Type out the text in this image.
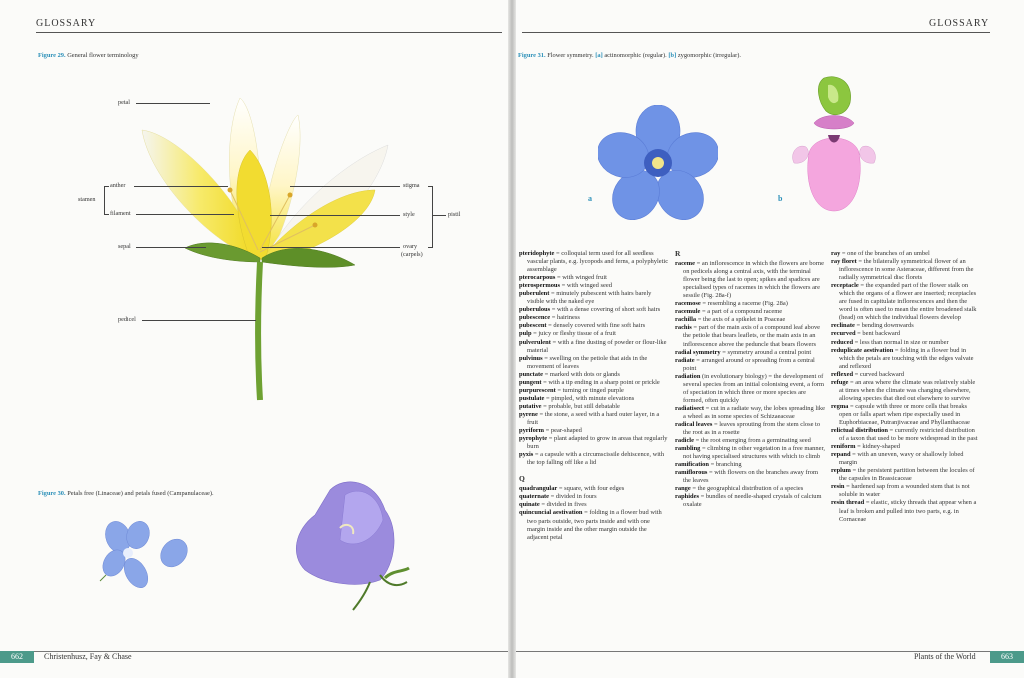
GLOSSARY
Figure 29. General flower terminology
petal
anther
stamen
filament
sepal
pedicel
stigma
style
ovary
(carpels)
pistil
Figure 30. Petals free (Linaceae) and petals fused (Campanulaceae).
662	Christenhusz, Fay & Chase
GLOSSARY
Figure 31. Flower symmetry. [a] actinomorphic (regular). [b] zygomorphic (irregular).
a	b
Plants of the World	663

pteridophyte = colloquial term used for all seedless vascular plants, e.g. lycopods and ferns, a polyphyletic assemblage

pterocarpous = with winged fruit

pterospermous = with winged seed

puberulent = minutely pubescent with hairs barely visible with the naked eye

puberulous = with a dense covering of short soft hairs

pubescence = hairiness

pubescent = densely covered with fine soft hairs

pulp = juicy or fleshy tissue of a fruit

pulverulent = with a fine dusting of powder or flour-like material

pulvinus = swelling on the petiole that aids in the movement of leaves

punctate = marked with dots or glands

pungent = with a tip ending in a sharp point or prickle

purpurescent = turning or tinged purple

pustulate = pimpled, with minute elevations

putative = probable, but still debatable

pyrene = the stone, a seed with a hard outer layer, in a fruit

pyriform = pear-shaped

pyrophyte = plant adapted to grow in areas that regularly burn

pyxis = a capsule with a circumscissile dehiscence, with the top falling off like a lid

Q

quadrangular = square, with four edges

quaternate = divided in fours

quinate = divided in fives

quincuncial aestivation = folding in a flower bud with two parts outside, two parts inside and with one margin inside and the other margin outside the adjacent petal

R

raceme = an inflorescence in which the flowers are borne on pedicels along a central axis, with the terminal flower being the last to open; spikes and spadices are specialised types of racemes in which the flowers are sessile (Fig. 28a-f)

racemose = resembling a raceme (Fig. 28a)

racemule = a part of a compound raceme

rachilla = the axis of a spikelet in Poaceae

rachis = part of the main axis of a compound leaf above the petiole that bears leaflets, or the main axis in an inflorescence above the peduncle that bears flowers

radial symmetry = symmetry around a central point

radiate = arranged around or spreading from a central point

radiation (in evolutionary biology) = the development of several species from an initial colonising event, a form of speciation in which three or more species are formed, often quickly

radiatisect = cut in a radiate way, the lobes spreading like a wheel as in some species of Schizaeaceae

radical leaves = leaves sprouting from the stem close to the root as in a rosette

radicle = the root emerging from a germinating seed

rambling = climbing in other vegetation in a free manner, not having specialised structures with which to climb

ramification = branching

ramiflorous = with flowers on the branches away from the leaves

range = the geographical distribution of a species

raphides = bundles of needle-shaped crystals of calcium oxalate

ray = one of the branches of an umbel

ray floret = the bilaterally symmetrical flower of an inflorescence in some Asteraceae, different from the radially symmetrical disc florets

receptacle = the expanded part of the flower stalk on which the organs of a flower are inserted; receptacles are fused in capitulate inflorescences and then the word is often used to mean the entire broadened stalk (head) on which the individual flowers develop

reclinate = bending downwards

recurved = bent backward

reduced = less than normal in size or number

reduplicate aestivation = folding in a flower bud in which the petals are touching with the edges valvate and reflexed

reflexed = curved backward

refuge = an area where the climate was relatively stable at times when the climate was changing elsewhere, allowing species that died out elsewhere to survive

regma = capsule with three or more cells that breaks open or falls apart when ripe especially used in Euphorbiaceae, Putranjivaceae and Phyllanthaceae

relictual distribution = currently restricted distribution of a taxon that used to be more widespread in the past

reniform = kidney-shaped

repand = with an uneven, wavy or shallowly lobed margin

replum = the persistent partition between the locules of the capsules in Brassicaceae

resin = hardened sap from a wounded stem that is not soluble in water

resin thread = elastic, sticky threads that appear when a leaf is broken and pulled into two parts, e.g. in Cornaceae
